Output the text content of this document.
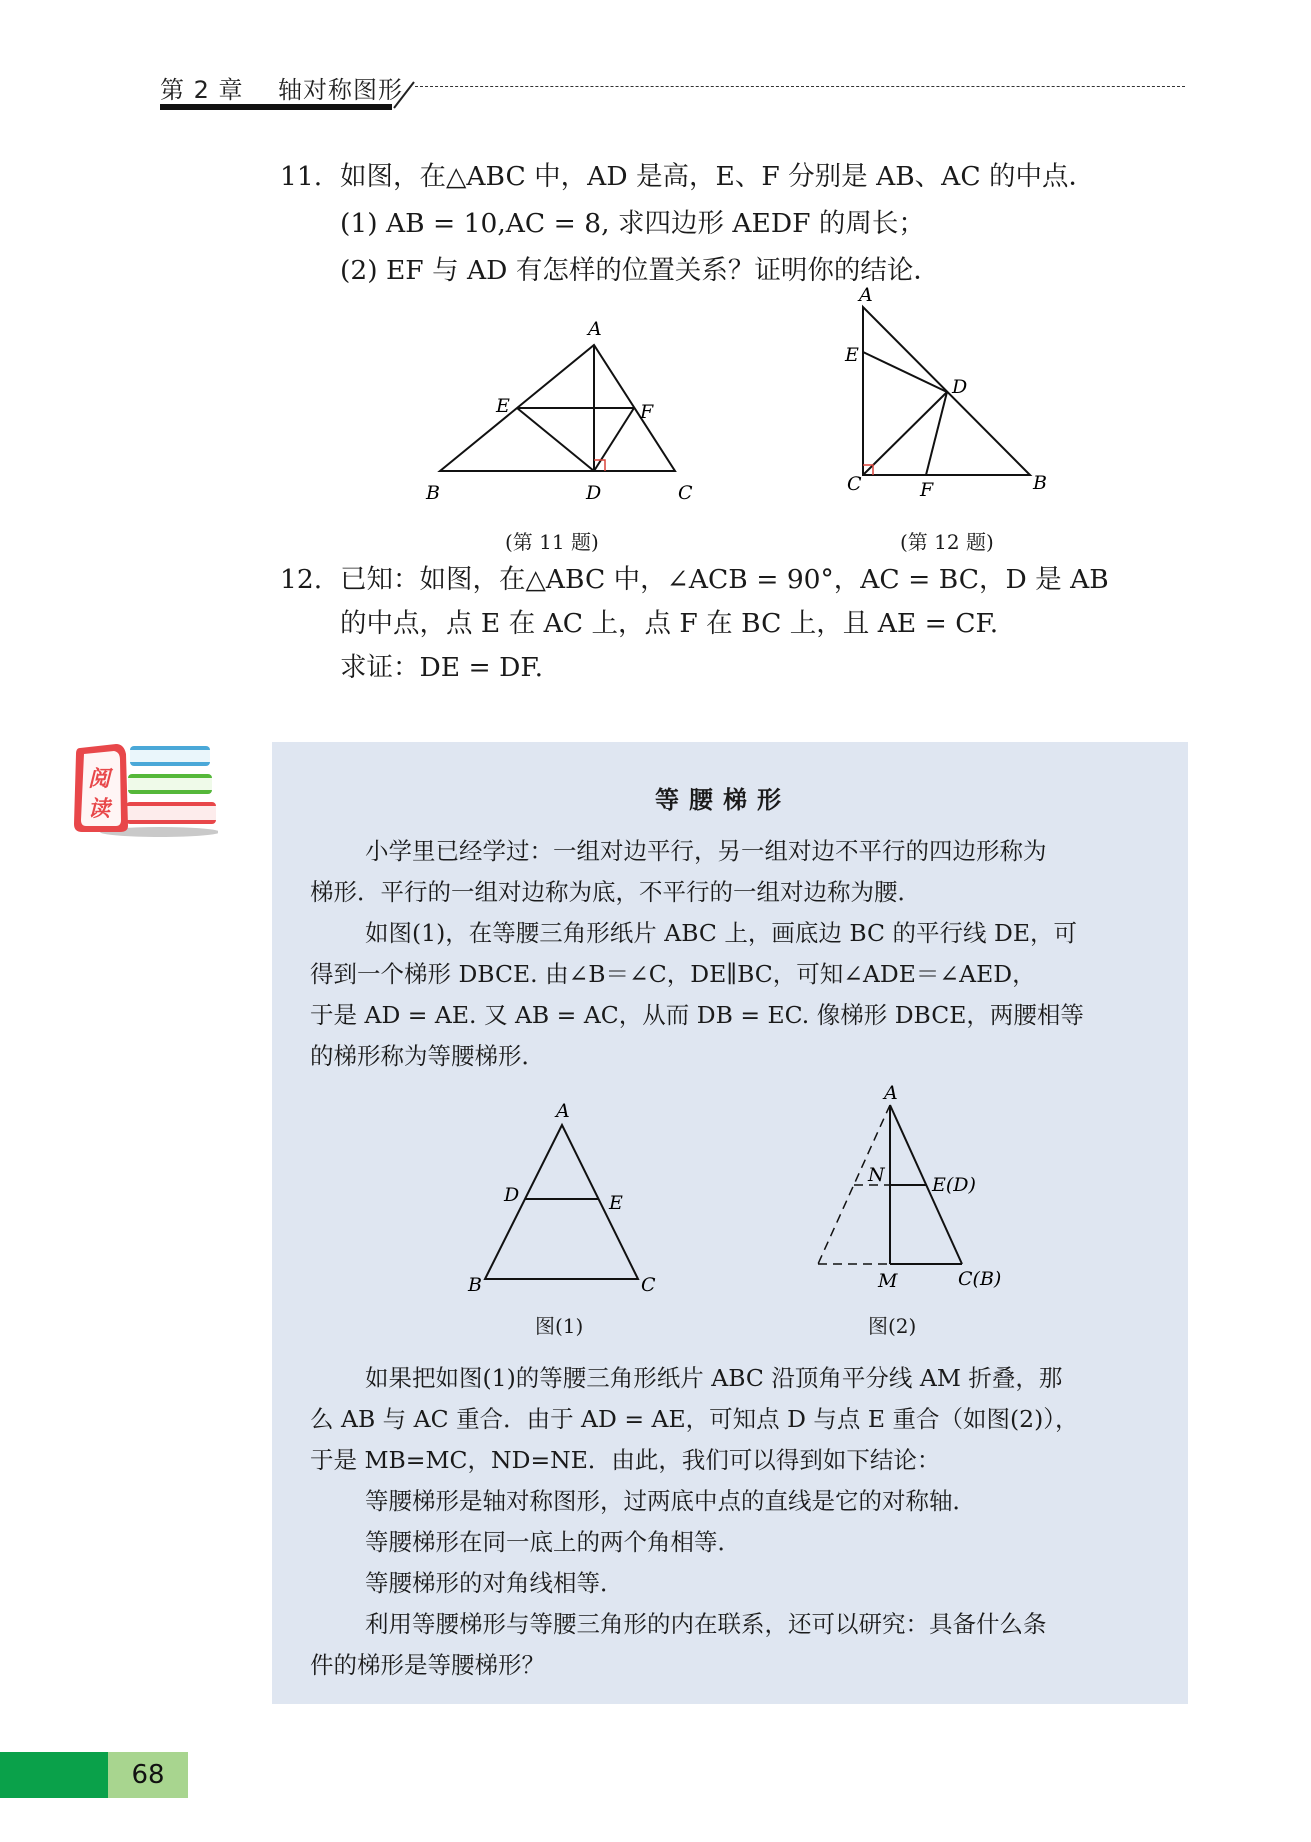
第 2 章    轴对称图形
11. 如图，在△ABC 中，AD 是高，E、F 分别是 AB、AC 的中点．
(1) AB = 10,AC = 8, 求四边形 AEDF 的周长；
(2) EF 与 AD 有怎样的位置关系？证明你的结论．
A
B	C
D
E	F
(第 11 题)
A
E
D
C	F	B
(第 12 题)
12. 已知：如图，在△ABC 中，∠ACB = 90°，AC = BC，D 是 AB
的中点，点 E 在 AC 上，点 F 在 BC 上，且 AE = CF.
求证：DE = DF.
阅
读	等腰梯形
小学里已经学过：一组对边平行，另一组对边不平行的四边形称为
梯形．平行的一组对边称为底，不平行的一组对边称为腰．
如图(1)，在等腰三角形纸片 ABC 上，画底边 BC 的平行线 DE，可
得到一个梯形 DBCE. 由∠B＝∠C，DE∥BC，可知∠ADE＝∠AED，
于是 AD = AE. 又 AB = AC，从而 DB = EC. 像梯形 DBCE，两腰相等
的梯形称为等腰梯形．
A
B	C
D	E
图(1)
A
N E(D)
M	C(B)
图(2)
如果把如图(1)的等腰三角形纸片 ABC 沿顶角平分线 AM 折叠，那
么 AB 与 AC 重合．由于 AD = AE，可知点 D 与点 E 重合（如图(2)），
于是 MB=MC，ND=NE．由此，我们可以得到如下结论：
等腰梯形是轴对称图形，过两底中点的直线是它的对称轴．
等腰梯形在同一底上的两个角相等．
等腰梯形的对角线相等．
利用等腰梯形与等腰三角形的内在联系，还可以研究：具备什么条
件的梯形是等腰梯形？
68
